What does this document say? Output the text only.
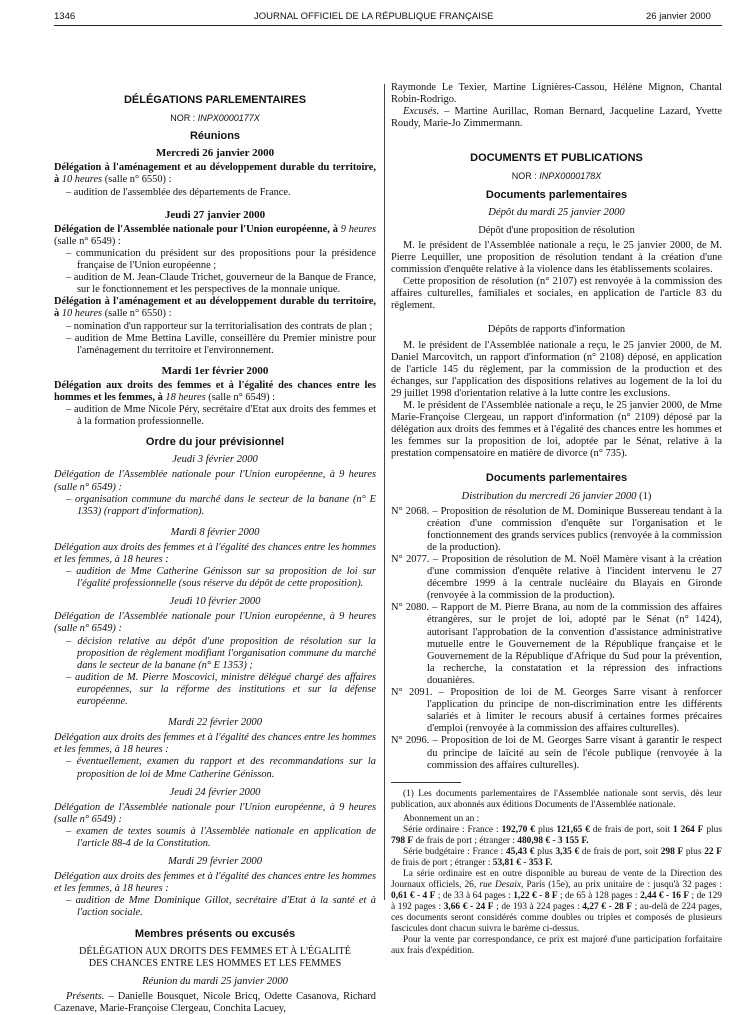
1346	JOURNAL OFFICIEL DE LA RÉPUBLIQUE FRANÇAISE	26 janvier 2000
DÉLÉGATIONS PARLEMENTAIRES
NOR : INPX0000177X
Réunions
Mercredi 26 janvier 2000

Délégation à l'aménagement et au développement durable du territoire, à 10 heures (salle n° 6550) :

– audition de l'assemblée des départements de France.

Jeudi 27 janvier 2000

Délégation de l'Assemblée nationale pour l'Union européenne, à 9 heures (salle n° 6549) :

– communication du président sur des propositions pour la présidence française de l'Union européenne ;

– audition de M. Jean-Claude Trichet, gouverneur de la Banque de France, sur le fonctionnement et les perspectives de la monnaie unique.

Délégation à l'aménagement et au développement durable du territoire, à 10 heures (salle n° 6550) :

– nomination d'un rapporteur sur la territorialisation des contrats de plan ;

– audition de Mme Bettina Laville, conseillère du Premier ministre pour l'aménagement du territoire et l'environnement.

Mardi 1er février 2000

Délégation aux droits des femmes et à l'égalité des chances entre les hommes et les femmes, à 18 heures (salle n° 6549) :

– audition de Mme Nicole Péry, secrétaire d'Etat aux droits des femmes et à la formation professionnelle.

Ordre du jour prévisionnel
Jeudi 3 février 2000

Délégation de l'Assemblée nationale pour l'Union européenne, à 9 heures (salle n° 6549) :

– organisation commune du marché dans le secteur de la banane (n° E 1353) (rapport d'information).

Mardi 8 février 2000

Délégation aux droits des femmes et à l'égalité des chances entre les hommes et les femmes, à 18 heures :

– audition de Mme Catherine Génisson sur sa proposition de loi sur l'égalité professionnelle (sous réserve du dépôt de cette proposition).

Jeudi 10 février 2000

Délégation de l'Assemblée nationale pour l'Union européenne, à 9 heures (salle n° 6549) :

– décision relative au dépôt d'une proposition de résolution sur la proposition de règlement modifiant l'organisation commune du marché dans le secteur de la banane (n° E 1353) ;

– audition de M. Pierre Moscovici, ministre délégué chargé des affaires européennes, sur la réforme des institutions et sur la défense européenne.

Mardi 22 février 2000

Délégation aux droits des femmes et à l'égalité des chances entre les hommes et les femmes, à 18 heures :

– éventuellement, examen du rapport et des recommandations sur la proposition de loi de Mme Catherine Génisson.

Jeudi 24 février 2000

Délégation de l'Assemblée nationale pour l'Union européenne, à 9 heures (salle n° 6549) :

– examen de textes soumis à l'Assemblée nationale en application de l'article 88-4 de la Constitution.

Mardi 29 février 2000

Délégation aux droits des femmes et à l'égalité des chances entre les hommes et les femmes, à 18 heures :

– audition de Mme Dominique Gillot, secrétaire d'Etat à la santé et à l'action sociale.

Membres présents ou excusés
DÉLÉGATION AUX DROITS DES FEMMES ET À L'ÉGALITÉ
DES CHANCES ENTRE LES HOMMES ET LES FEMMES
Réunion du mardi 25 janvier 2000

Présents. – Danielle Bousquet, Nicole Bricq, Odette Casanova, Richard Cazenave, Marie-Françoise Clergeau, Conchita Lacuey,

Raymonde Le Texier, Martine Lignières-Cassou, Hélène Mignon, Chantal Robin-Rodrigo.

Excusés. – Martine Aurillac, Roman Bernard, Jacqueline Lazard, Yvette Roudy, Marie-Jo Zimmermann.

DOCUMENTS ET PUBLICATIONS
NOR : INPX0000178X
Documents parlementaires
Dépôt du mardi 25 janvier 2000
Dépôt d'une proposition de résolution

M. le président de l'Assemblée nationale a reçu, le 25 janvier 2000, de M. Pierre Lequiller, une proposition de résolution tendant à la création d'une commission d'enquête relative à la violence dans les établissements scolaires.

Cette proposition de résolution (n° 2107) est renvoyée à la commission des affaires culturelles, familiales et sociales, en application de l'article 83 du règlement.

Dépôts de rapports d'information

M. le président de l'Assemblée nationale a reçu, le 25 janvier 2000, de M. Daniel Marcovitch, un rapport d'information (n° 2108) déposé, en application de l'article 145 du règlement, par la commission de la production et des échanges, sur l'application des dispositions relatives au logement de la loi du 29 juillet 1998 d'orientation relative à la lutte contre les exclusions.

M. le président de l'Assemblée nationale a reçu, le 25 janvier 2000, de Mme Marie-Françoise Clergeau, un rapport d'information (n° 2109) déposé par la délégation aux droits des femmes et à l'égalité des chances entre les hommes et les femmes sur la proposition de loi, adoptée par le Sénat, relative à la prestation compensatoire en matière de divorce (n° 735).

Documents parlementaires
Distribution du mercredi 26 janvier 2000 (1)

N° 2068. – Proposition de résolution de M. Dominique Bussereau tendant à la création d'une commission d'enquête sur l'organisation et le fonctionnement des grands services publics (renvoyée à la commission de la production).

N° 2077. – Proposition de résolution de M. Noël Mamère visant à la création d'une commission d'enquête relative à l'incident intervenu le 27 décembre 1999 à la centrale nucléaire du Blayais en Gironde (renvoyée à la commission de la production).

N° 2080. – Rapport de M. Pierre Brana, au nom de la commission des affaires étrangères, sur le projet de loi, adopté par le Sénat (n° 1424), autorisant l'approbation de la convention d'assistance administrative mutuelle entre le Gouvernement de la République française et le Gouvernement de la République d'Afrique du Sud pour la prévention, la recherche, la constatation et la répression des infractions douanières.

N° 2091. – Proposition de loi de M. Georges Sarre visant à renforcer l'application du principe de non-discrimination entre les différents salariés et à limiter le recours abusif à certaines formes précaires d'emploi (renvoyée à la commission des affaires culturelles).

N° 2096. – Proposition de loi de M. Georges Sarre visant à garantir le respect du principe de laïcité au sein de l'école publique (renvoyée à la commission des affaires culturelles).

(1) Les documents parlementaires de l'Assemblée nationale sont servis, dès leur publication, aux abonnés aux éditions Documents de l'Assemblée nationale.

Abonnement un an :

Série ordinaire : France : 192,70 € plus 121,65 € de frais de port, soit 1 264 F plus 798 F de frais de port ; étranger : 480,98 € - 3 155 F.

Série budgétaire : France : 45,43 € plus 3,35 € de frais de port, soit 298 F plus 22 F de frais de port ; étranger : 53,81 € - 353 F.

La série ordinaire est en outre disponible au bureau de vente de la Direction des Journaux officiels, 26, rue Desaix, Paris (15e), au prix unitaire de : jusqu'à 32 pages : 0,61 € - 4 F ; de 33 à 64 pages : 1,22 € - 8 F ; de 65 à 128 pages : 2,44 € - 16 F ; de 129 à 192 pages : 3,66 € - 24 F ; de 193 à 224 pages : 4,27 € - 28 F ; au-delà de 224 pages, ces documents seront considérés comme doubles ou triples et composés de plusieurs fascicules dont chacun suivra le barème ci-dessus.

Pour la vente par correspondance, ce prix est majoré d'une participation forfaitaire aux frais d'expédition.
